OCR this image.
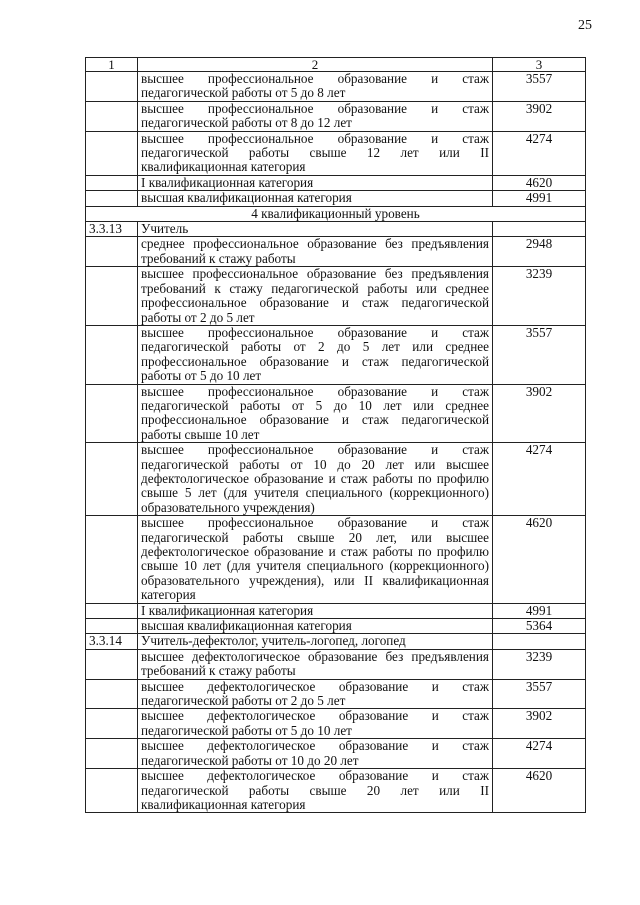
25
1	2	3
	высшее профессиональное образование и стаж педагогической работы от 5 до 8 лет	3557
	высшее профессиональное образование и стаж педагогической работы от 8 до 12 лет	3902
	высшее профессиональное образование и стаж педагогической работы свыше 12 лет или II квалификационная категория	4274
	I квалификационная категория	4620
	высшая квалификационная категория	4991
4 квалификационный уровень		
3.3.13	Учитель	
	среднее профессиональное образование без предъявления требований к стажу работы	2948
	высшее профессиональное образование без предъявления требований к стажу педагогической работы или среднее профессиональное образование и стаж педагогической работы от 2 до 5 лет	3239
	высшее профессиональное образование и стаж педагогической работы от 2 до 5 лет или среднее профессиональное образование и стаж педагогической работы от 5 до 10 лет	3557
	высшее профессиональное образование и стаж педагогической работы от 5 до 10 лет или среднее профессиональное образование и стаж педагогической работы свыше 10 лет	3902
	высшее профессиональное образование и стаж педагогической работы от 10 до 20 лет или высшее дефектологическое образование и стаж работы по профилю свыше 5 лет (для учителя специального (коррекционного) образовательного учреждения)	4274
	высшее профессиональное образование и стаж педагогической работы свыше 20 лет, или высшее дефектологическое образование и стаж работы по профилю свыше 10 лет (для учителя специального (коррекционного) образовательного учреждения), или II квалификационная категория	4620
	I квалификационная категория	4991
	высшая квалификационная категория	5364
3.3.14	Учитель-дефектолог, учитель-логопед, логопед	
	высшее дефектологическое образование без предъявления требований к стажу работы	3239
	высшее дефектологическое образование и стаж педагогической работы от 2 до 5 лет	3557
	высшее дефектологическое образование и стаж педагогической работы от 5 до 10 лет	3902
	высшее дефектологическое образование и стаж педагогической работы от 10 до 20 лет	4274
	высшее дефектологическое образование и стаж педагогической работы свыше 20 лет или II квалификационная категория	4620
